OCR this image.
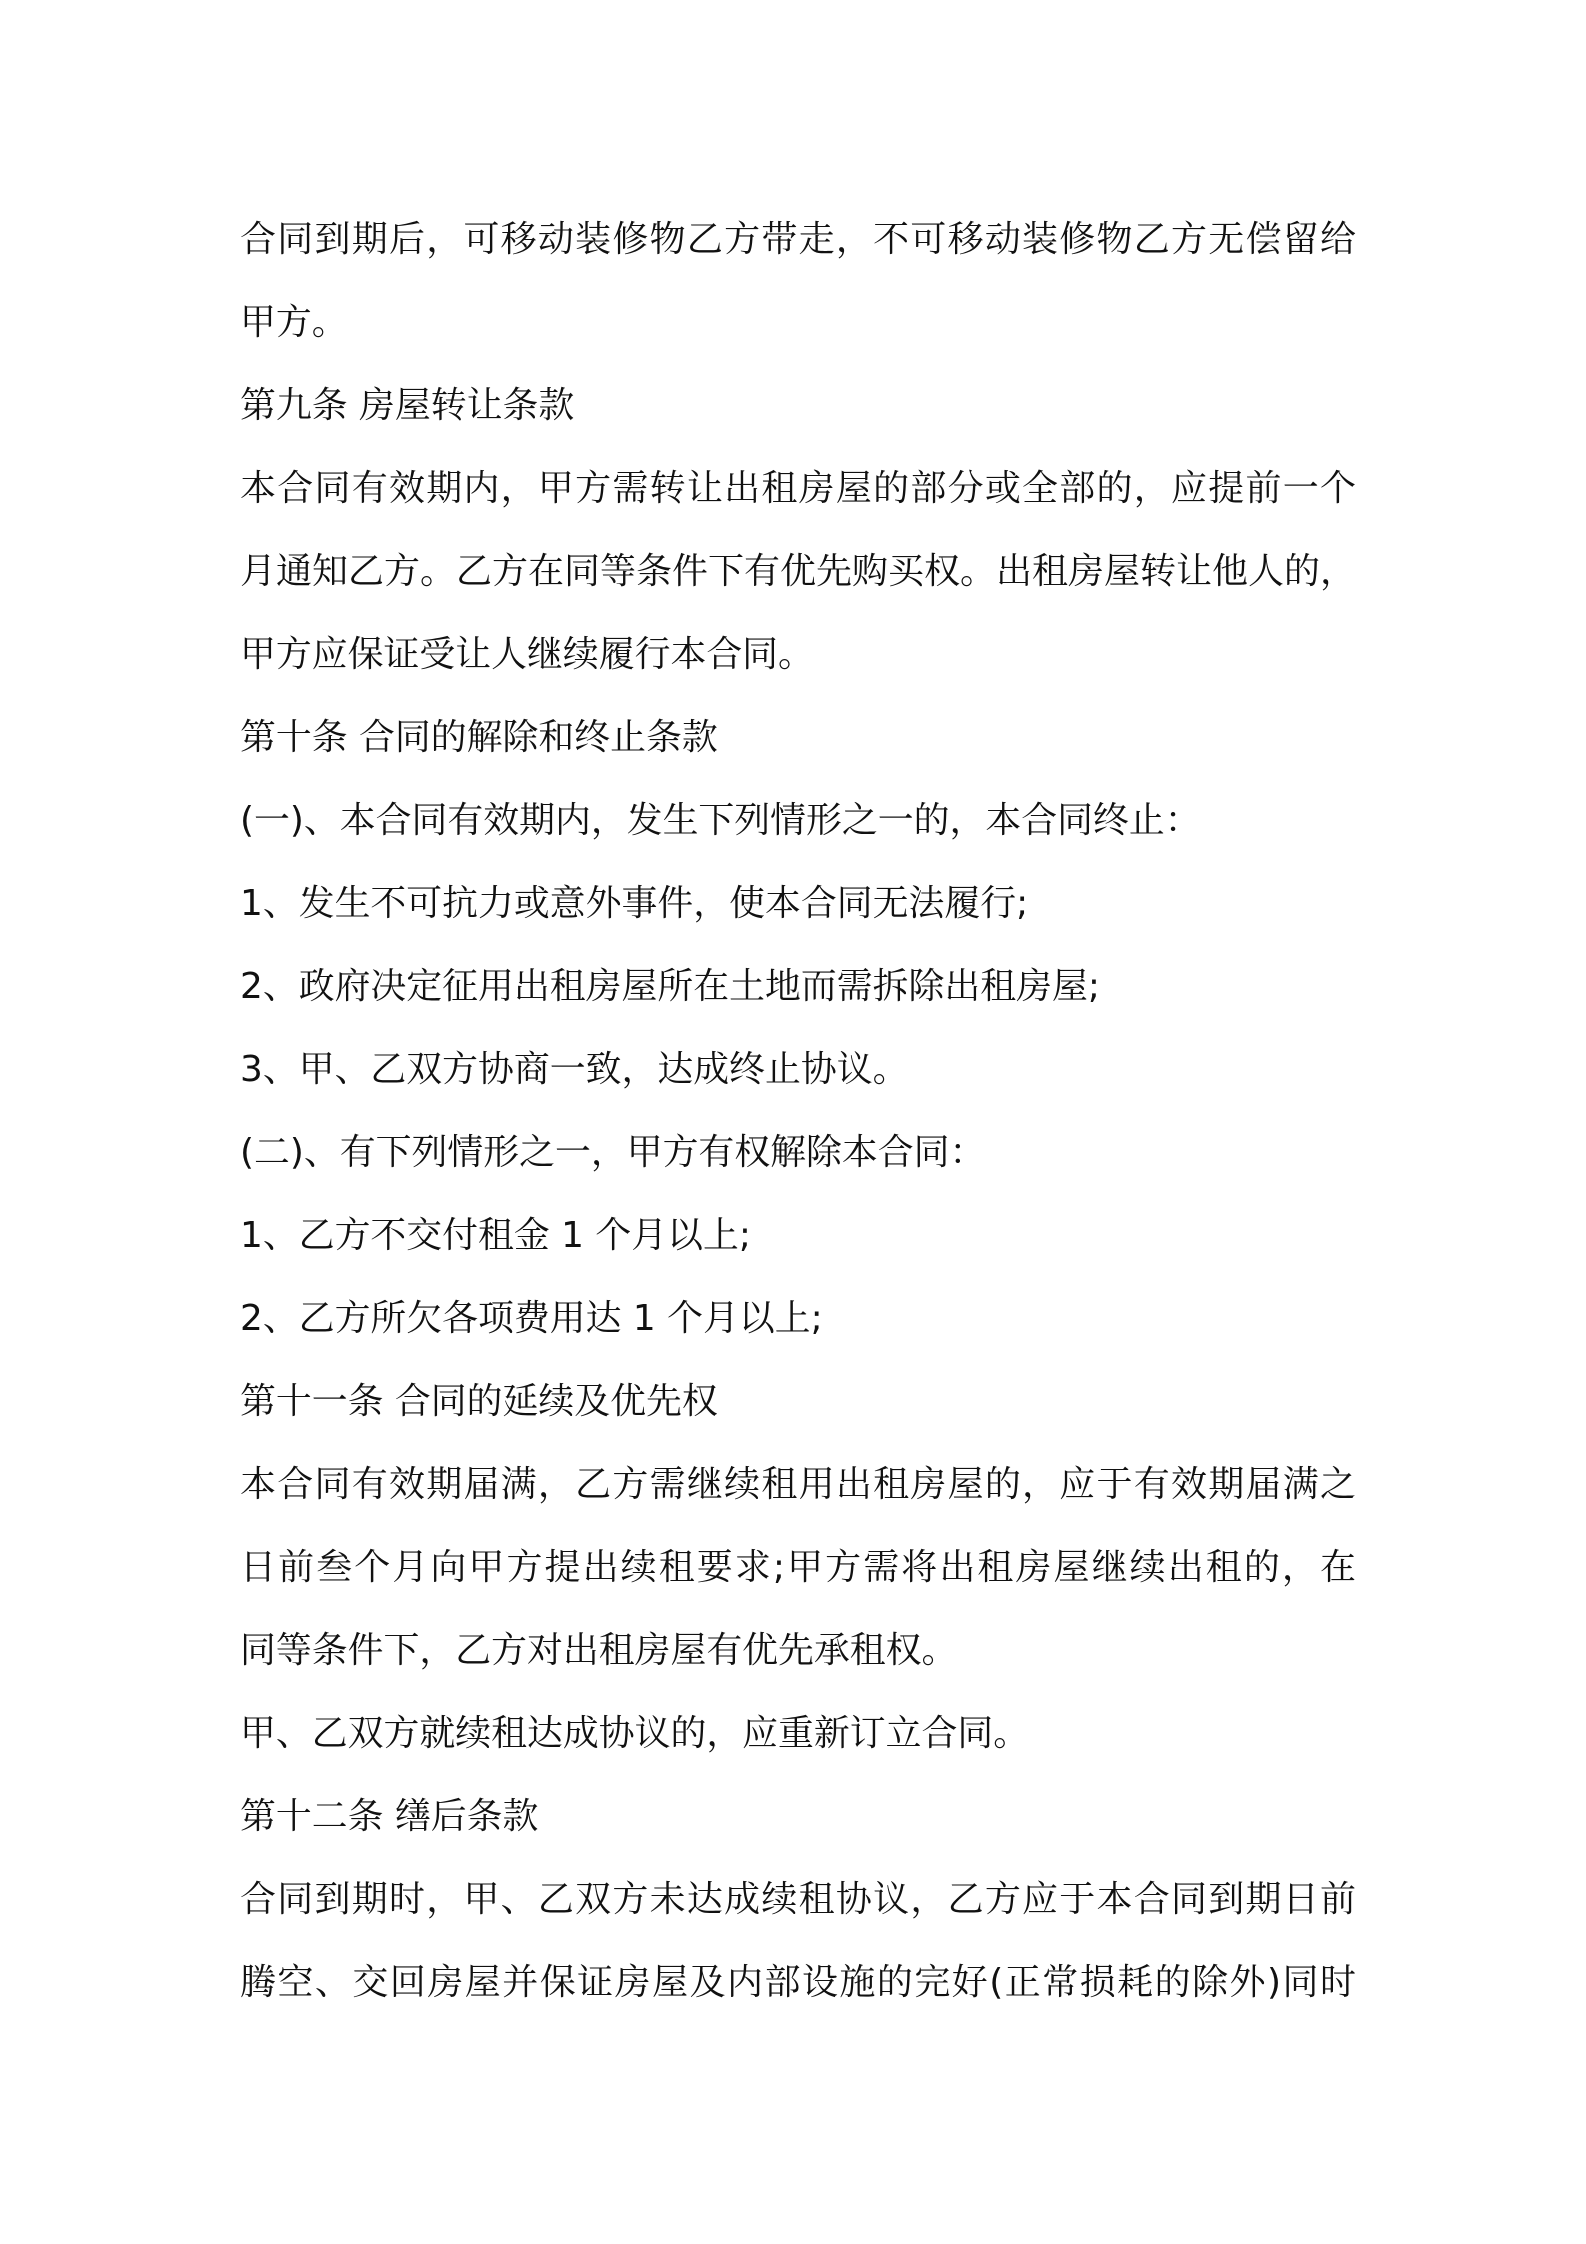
合同到期后，可移动装修物乙方带走，不可移动装修物乙方无偿留给
甲方。
第九条 房屋转让条款
本合同有效期内，甲方需转让出租房屋的部分或全部的，应提前一个
月通知乙方。乙方在同等条件下有优先购买权。出租房屋转让他人的，
甲方应保证受让人继续履行本合同。
第十条 合同的解除和终止条款
(一)、本合同有效期内，发生下列情形之一的，本合同终止：
1、发生不可抗力或意外事件，使本合同无法履行;
2、政府决定征用出租房屋所在土地而需拆除出租房屋;
3、甲、乙双方协商一致，达成终止协议。
(二)、有下列情形之一，甲方有权解除本合同：
1、乙方不交付租金 1 个月以上;
2、乙方所欠各项费用达 1 个月以上;
第十一条 合同的延续及优先权
本合同有效期届满，乙方需继续租用出租房屋的，应于有效期届满之
日前叁个月向甲方提出续租要求;甲方需将出租房屋继续出租的，在
同等条件下，乙方对出租房屋有优先承租权。
甲、乙双方就续租达成协议的，应重新订立合同。
第十二条 缮后条款
合同到期时，甲、乙双方未达成续租协议，乙方应于本合同到期日前
腾空、交回房屋并保证房屋及内部设施的完好(正常损耗的除外)同时
